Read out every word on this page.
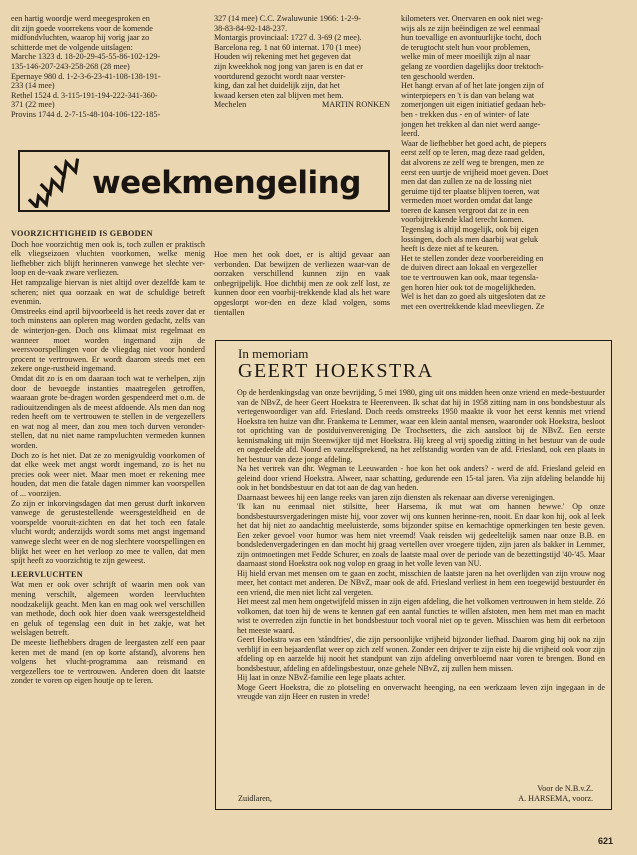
een hartig woordje werd meegesproken en
dit zijn goede voorrekens voor de komende
midfondvluchten, waarop hij vorig jaar zo
schitterde met de volgende uitslagen:
Marche 1323 d. 18-20-29-45-55-86-102-129-
135-146-207-243-258-268 (28 mee)
Epernaye 980 d. 1-2-3-6-23-41-108-138-191-
233 (14 mee)
Rethel 1524 d. 3-115-191-194-222-341-360-
371 (22 mee)
Provins 1744 d. 2-7-15-48-104-106-122-185-
327 (14 mee) C.C. Zwaluwunie 1966: 1-2-9-
38-83-84-92-148-237.
Montargis provinciaal: 1727 d. 3-69 (2 mee).
Barcelona reg. 1 nat 60 internat. 170 (1 mee)
Houden wij rekening met het gegeven dat
zijn kweekhok nog jong van jaren is en dat er
voortdurend gezocht wordt naar verster-
king, dan zal het duidelijk zijn, dat het
kwaad kersen eten zal blijven met hem.

Mechelen	MARTIN RONKEN

kilometers ver. Onervaren en ook niet weg-
wijs als ze zijn beëindigen ze wel eenmaal
hun toevallige en avontuurlijke tocht, doch
de terugtocht stelt hun voor problemen,
welke min of meer moeilijk zijn al naar
gelang ze voordien dagelijks door trektoch-
ten geschoold werden.
Het hangt ervan af of het late jongen zijn of
winterpiepers en 't is dan van belang wat
zomerjongen uit eigen initiatief gedaan heb-
ben - trekken dus - en of winter- of late
jongen het trekken al dan niet werd aange-
leerd.
Waar de liefhebber het goed acht, de piepers
eerst zelf op te leren, mag deze raad gelden,
dat alvorens ze zelf weg te brengen, men ze
eerst een uurtje de vrijheid moet geven. Doet
men dat dan zullen ze na de lossing niet
geruime tijd ter plaatse blijven toeren, wat
vermeden moet worden omdat dat lange
toeren de kansen vergroot dat ze in een
voorbijtrekkende klad terecht komen.
Tegenslag is altijd mogelijk, ook bij eigen
lossingen, doch als men daarbij wat geluk
heeft is deze niet af te keuren.
Het te stellen zonder deze voorbereiding en
de duiven direct aan lokaal en vergezeller
toe te vertrouwen kan ook, maar tegensla-
gen horen hier ook tot de mogelijkheden.
Wel is het dan zo goed als uitgesloten dat ze
met een overtrekkende klad meevliegen. Ze
weekmengeling

VOORZICHTIGHEID IS GEBODEN

Doch hoe voorzichtig men ook is, toch zullen er praktisch elk vliegseizoen vluchten voorkomen, welke menig liefhebber zich blijft herinneren vanwege het slechte ver-loop en de-vaak zware verliezen.

Het rampzalige hiervan is niet altijd over dezelfde kam te scheren; niet qua oorzaak en wat de schuldige betreft evenmin.

Omstreeks eind april bijvoorbeeld is het reeds zover dat er toch minstens aan opleren mag worden gedacht, zelfs van de winterjon-gen. Doch ons klimaat mist regelmaat en wanneer moet worden ingemand zijn de weersvoorspellingen voor de vliegdag niet voor honderd procent te vertrouwen. Er wordt daarom steeds met een zekere onge-rustheid ingemand.

Omdat dit zo is en om daaraan toch wat te verhelpen, zijn door de bevoegde instanties maatregelen getroffen, waaraan grote be-dragen worden gespendeerd met o.m. de radiouitzendingen als de meest afdoende. Als men dan nog reden heeft om te vertrouwen te stellen in de vergezellers en wat nog al meer, dan zou men toch durven veronder-stellen, dat nu niet name rampvluchten vermeden kunnen worden.

Doch zo is het niet. Dat ze zo menigvuldig voorkomen of dat elke week met angst wordt ingemand, zo is het nu precies ook weer niet. Maar men moet er rekening mee houden, dat men die fatale dagen nimmer kan voorspellen of ... voorzijen.

Zo zijn er inkorvingsdagen dat men gerust durft inkorven vanwege de gerustestellende weersgesteldheid en de voorspelde vooruit-zichten en dat het toch een fatale vlucht wordt; anderzijds wordt soms met angst ingemand vanwege slecht weer en de nog slechtere voorspellingen en blijkt het weer en het verloop zo mee te vallen, dat men spijt heeft zo voorzichtig te zijn geweest.

LEERVLUCHTEN

Wat men er ook over schrijft of waarin men ook van mening verschilt, algemeen worden leervluchten noodzakelijk geacht. Men kan en mag ook wel verschillen van methode, doch ook hier doen vaak weersgesteldheid en geluk of tegenslag een duit in het zakje, wat het welslagen betreft.

De meeste liefhebbers dragen de leergasten zelf een paar keren met de mand (en op korte afstand), alvorens hen volgens het vlucht-programma aan reismand en vergezellers toe te vertrouwen. Anderen doen dit laatste zonder te voren op eigen houtje op te leren.

Hoe men het ook doet, er is altijd gevaar aan verbonden. Dat bewijzen de verliezen waar-van de oorzaken verschillend kunnen zijn en vaak onbegrijpelijk. Hoe dichtbij men ze ook zelf lost, ze kunnen door een voorbij-trekkende klad als het ware opgeslorpt wor-den en deze klad volgen, soms tientallen

In memoriam
GEERT HOEKSTRA

Op de herdenkingsdag van onze bevrijding, 5 mei 1980, ging uit ons midden heen onze vriend en mede-bestuurder van de NBvZ, de heer Geert Hoekstra te Heerenveen. Ik schat dat hij in 1958 zitting nam in ons bondsbestuur als vertegenwoordiger van afd. Friesland. Doch reeds omstreeks 1950 maakte ik voor het eerst kennis met vriend Hoekstra ten huize van dhr. Frankema te Lemmer, waar een klein aantal mensen, waaronder ook Hoekstra, besloot tot oprichting van de postduivenvereniging De Trochsetters, die zich aansloot bij de NBvZ. Een eerste kennismaking uit mijn Steenwijker tijd met Hoekstra. Hij kreeg al vrij spoedig zitting in het bestuur van de oude en ongedeelde afd. Noord en vanzelfsprekend, na het zelfstandig worden van de afd. Friesland, ook een plaats in het bestuur van deze jonge afdeling.

Na het vertrek van dhr. Wegman te Leeuwarden - hoe kon het ook anders? - werd de afd. Friesland geleid en geleind door vriend Hoekstra. Alweer, naar schatting, gedurende een 15-tal jaren. Via zijn afdeling belandde hij ook in het bondsbestuur en dat tot aan de dag van heden.

Daarnaast bewees hij een lange reeks van jaren zijn diensten als rekenaar aan diverse verenigingen.

'Ik kan nu eenmaal niet stilsitte, heer Harsema, ik mut wat om hannen hewwe.' Op onze bondsbestuursvergaderingen miste hij, voor zover wij ons kunnen herinne-ren, nooit. En daar kon hij, ook al leek het dat hij niet zo aandachtig meeluisterde, soms bijzonder spitse en kernachtige opmerkingen ten beste geven. Een zeker gevoel voor humor was hem niet vreemd! Vaak reisden wij gedeeltelijk samen naar onze B.B. en bondsledenvergaderingen en dan mocht hij graag vertellen over vroegere tijden, zijn jaren als bakker in Lemmer, zijn ontmoetingen met Fedde Schurer, en zoals de laatste maal over de periode van de bezettingstijd '40-'45. Maar daarnaast stond Hoekstra ook nog volop en graag in het volle leven van NU.

Hij hield ervan met mensen om te gaan en zocht, misschien de laatste jaren na het overlijden van zijn vrouw nog meer, het contact met anderen. De NBvZ, maar ook de afd. Friesland verliest in hem een toegewijd bestuurder én een vriend, die men niet licht zal vergeten.

Het meest zal men hem ongetwijfeld missen in zijn eigen afdeling, die het volkomen vertrouwen in hem stelde. Zó volkomen, dat toen hij de wens te kennen gaf een aantal functies te willen afstoten, men hem met man en macht wist te overreden zijn functie in het bondsbestuur toch vooral niet op te geven. Misschien was hem dit eerbetoon het meeste waard.

Geert Hoekstra was een 'ståndfries', die zijn persoonlijke vrijheid bijzonder liefhad. Daarom ging hij ook na zijn verblijf in een bejaardenflat weer op zich zelf wonen. Zonder een drijver te zijn eiste hij die vrijheid ook voor zijn afdeling op en aarzelde hij nooit het standpunt van zijn afdeling onverbloemd naar voren te brengen. Bond en bondsbestuur, afdeling en afdelingsbestuur, onze gehele NBvZ, zij zullen hem missen.

Hij laat in onze NBvZ-familie een lege plaats achter.

Moge Geert Hoekstra, die zo plotseling en onverwacht heenging, na een werkzaam leven zijn ingegaan in de vreugde van zijn Heer en rusten in vrede!

Voor de N.B.v.Z.
Zuidlaren,	A. HARSEMA, voorz.
621
